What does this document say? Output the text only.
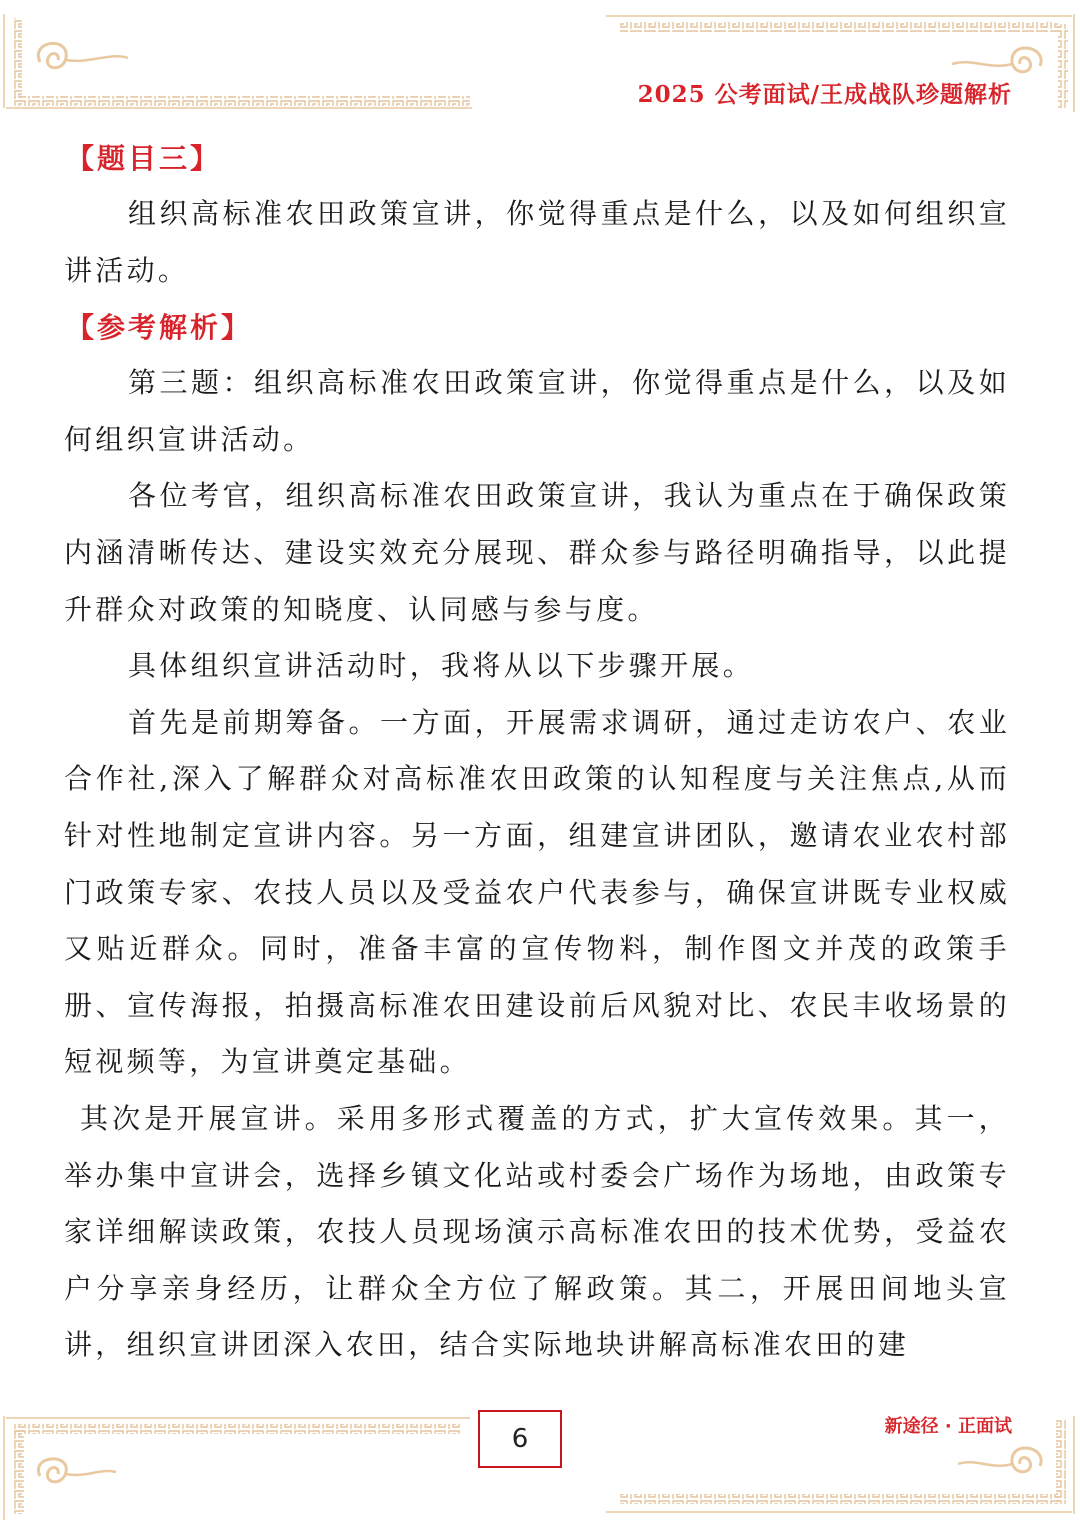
2025 公考面试/王成战队珍题解析
【题目三】

组织高标准农田政策宣讲，你觉得重点是什么，以及如何组织宣讲活动。

【参考解析】

第三题：组织高标准农田政策宣讲，你觉得重点是什么，以及如何组织宣讲活动。

各位考官，组织高标准农田政策宣讲，我认为重点在于确保政策内涵清晰传达、建设实效充分展现、群众参与路径明确指导，以此提升群众对政策的知晓度、认同感与参与度。

具体组织宣讲活动时，我将从以下步骤开展。

首先是前期筹备。一方面，开展需求调研，通过走访农户、农业合作社,深入了解群众对高标准农田政策的认知程度与关注焦点,从而针对性地制定宣讲内容。另一方面，组建宣讲团队，邀请农业农村部门政策专家、农技人员以及受益农户代表参与，确保宣讲既专业权威又贴近群众。同时，准备丰富的宣传物料，制作图文并茂的政策手册、宣传海报，拍摄高标准农田建设前后风貌对比、农民丰收场景的短视频等，为宣讲奠定基础。

其次是开展宣讲。采用多形式覆盖的方式，扩大宣传效果。其一，举办集中宣讲会，选择乡镇文化站或村委会广场作为场地，由政策专家详细解读政策，农技人员现场演示高标准农田的技术优势，受益农户分享亲身经历，让群众全方位了解政策。其二，开展田间地头宣讲，组织宣讲团深入农田，结合实际地块讲解高标准农田的建

6	新途径 · 正面试
